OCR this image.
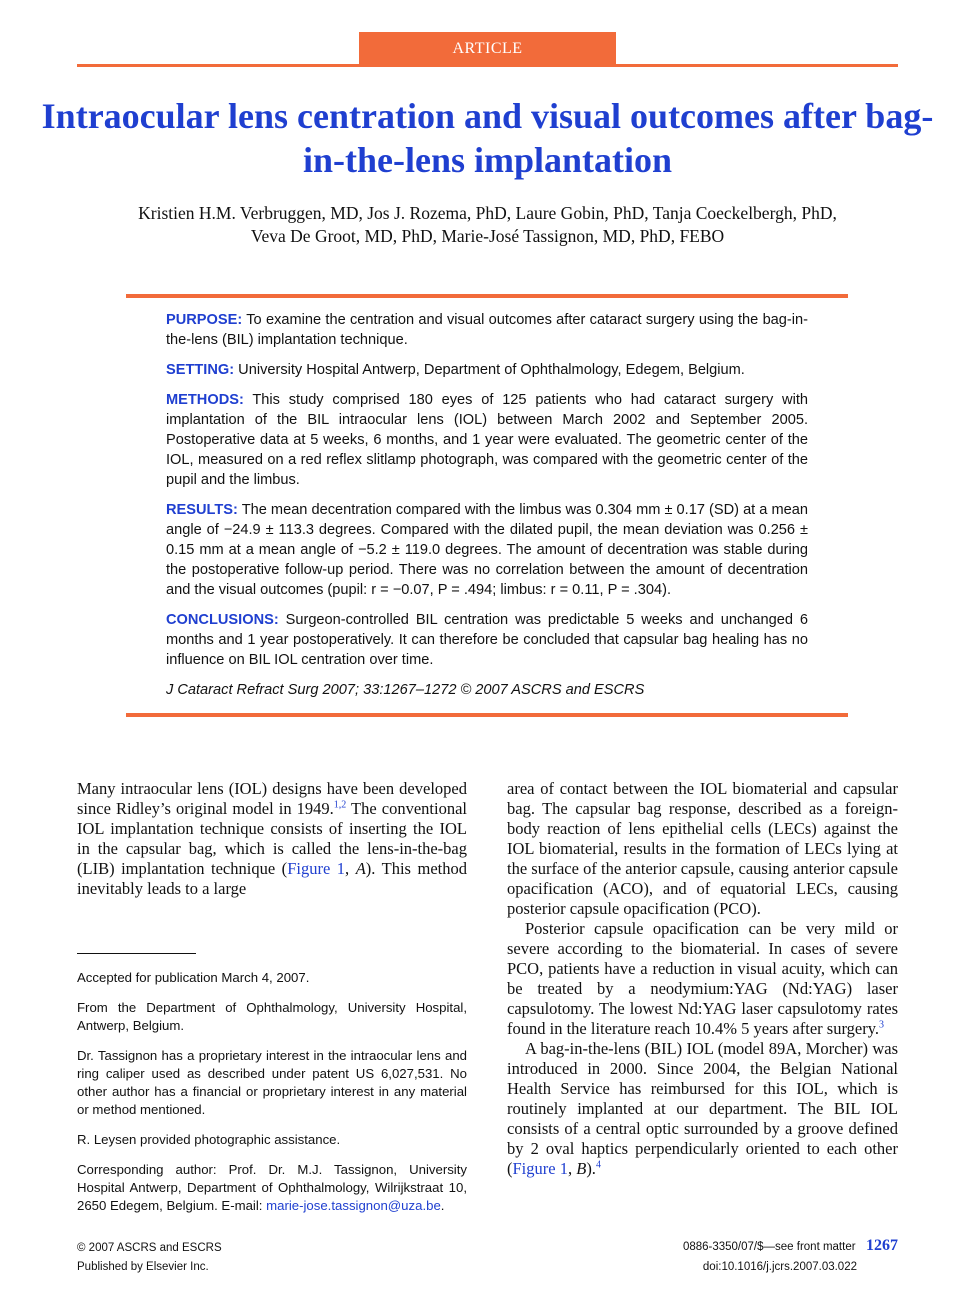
ARTICLE
Intraocular lens centration and visual outcomes after bag-in-the-lens implantation
Kristien H.M. Verbruggen, MD, Jos J. Rozema, PhD, Laure Gobin, PhD, Tanja Coeckelbergh, PhD,
Veva De Groot, MD, PhD, Marie-José Tassignon, MD, PhD, FEBO

PURPOSE: To examine the centration and visual outcomes after cataract surgery using the bag-in-the-lens (BIL) implantation technique.

SETTING: University Hospital Antwerp, Department of Ophthalmology, Edegem, Belgium.

METHODS: This study comprised 180 eyes of 125 patients who had cataract surgery with implantation of the BIL intraocular lens (IOL) between March 2002 and September 2005. Postoperative data at 5 weeks, 6 months, and 1 year were evaluated. The geometric center of the IOL, measured on a red reflex slitlamp photograph, was compared with the geometric center of the pupil and the limbus.

RESULTS: The mean decentration compared with the limbus was 0.304 mm ± 0.17 (SD) at a mean angle of −24.9 ± 113.3 degrees. Compared with the dilated pupil, the mean deviation was 0.256 ± 0.15 mm at a mean angle of −5.2 ± 119.0 degrees. The amount of decentration was stable during the postoperative follow-up period. There was no correlation between the amount of decentration and the visual outcomes (pupil: r = −0.07, P = .494; limbus: r = 0.11, P = .304).

CONCLUSIONS: Surgeon-controlled BIL centration was predictable 5 weeks and unchanged 6 months and 1 year postoperatively. It can therefore be concluded that capsular bag healing has no influence on BIL IOL centration over time.

J Cataract Refract Surg 2007; 33:1267–1272 © 2007 ASCRS and ESCRS

Many intraocular lens (IOL) designs have been developed since Ridley’s original model in 1949.$^{1,2}$ The conventional IOL implantation technique consists of inserting the IOL in the capsular bag, which is called the lens-in-the-bag (LIB) implantation technique (Figure 1, A). This method inevitably leads to a large

Accepted for publication March 4, 2007.

From the Department of Ophthalmology, University Hospital, Antwerp, Belgium.

Dr. Tassignon has a proprietary interest in the intraocular lens and ring caliper used as described under patent US 6,027,531. No other author has a financial or proprietary interest in any material or method mentioned.

R. Leysen provided photographic assistance.

Corresponding author: Prof. Dr. M.J. Tassignon, University Hospital Antwerp, Department of Ophthalmology, Wilrijkstraat 10, 2650 Edegem, Belgium. E-mail: marie-jose.tassignon@uza.be.

area of contact between the IOL biomaterial and capsular bag. The capsular bag response, described as a foreign-body reaction of lens epithelial cells (LECs) against the IOL biomaterial, results in the formation of LECs lying at the surface of the anterior capsule, causing anterior capsule opacification (ACO), and of equatorial LECs, causing posterior capsule opacification (PCO).

Posterior capsule opacification can be very mild or severe according to the biomaterial. In cases of severe PCO, patients have a reduction in visual acuity, which can be treated by a neodymium:YAG (Nd:YAG) laser capsulotomy. The lowest Nd:YAG laser capsulotomy rates found in the literature reach 10.4% 5 years after surgery.$^3$

A bag-in-the-lens (BIL) IOL (model 89A, Morcher) was introduced in 2000. Since 2004, the Belgian National Health Service has reimbursed for this IOL, which is routinely implanted at our department. The BIL IOL consists of a central optic surrounded by a groove defined by 2 oval haptics perpendicularly oriented to each other (Figure 1, B).$^4$

© 2007 ASCRS and ESCRS
Published by Elsevier Inc.
0886-3350/07/$—see front matter 1267
doi:10.1016/j.jcrs.2007.03.022
